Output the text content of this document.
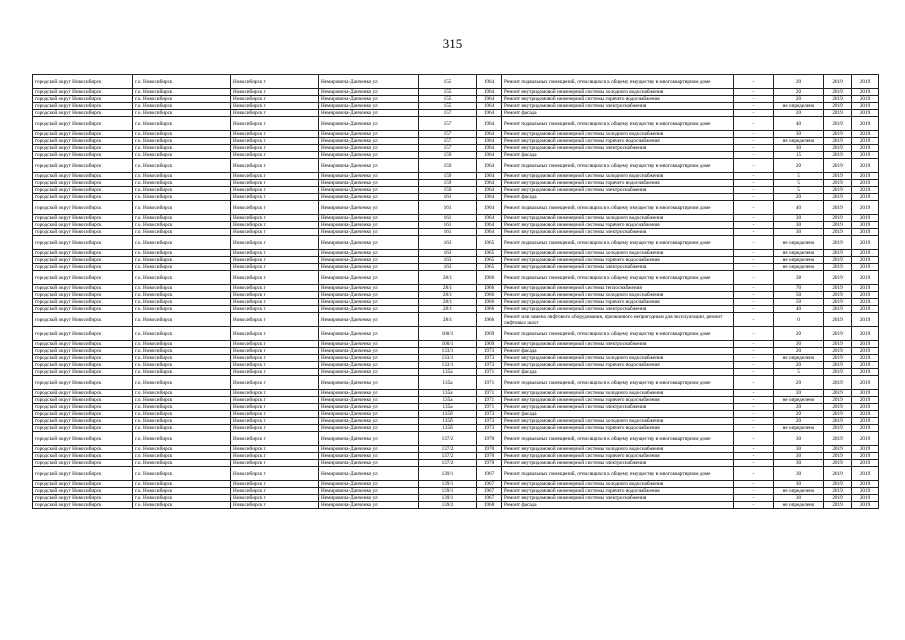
315
городской округ Новосибирск	г.о. Новосибирск	Новосибирск г	Немировича-Данченко ул	155	1964	Ремонт подвальных помещений, относящихся к общему имуществу в многоквартирном доме	-	20	2019	2019
городской округ Новосибирск	г.о. Новосибирск	Новосибирск г	Немировича-Данченко ул	155	1964	Ремонт внутридомовой инженерной системы холодного водоснабжения	-	20	2019	2019
городской округ Новосибирск	г.о. Новосибирск	Новосибирск г	Немировича-Данченко ул	155	1964	Ремонт внутридомовой инженерной системы горячего водоснабжения	-	20	2019	2019
городской округ Новосибирск	г.о. Новосибирск	Новосибирск г	Немировича-Данченко ул	155	1964	Ремонт внутридомовой инженерной системы электроснабжения	-	не определено	2019	2019
городской округ Новосибирск	г.о. Новосибирск	Новосибирск г	Немировича-Данченко ул	157	1964	Ремонт фасада	-	20	2019	2019
городской округ Новосибирск	г.о. Новосибирск	Новосибирск г	Немировича-Данченко ул	157	1964	Ремонт подвальных помещений, относящихся к общему имуществу в многоквартирном доме	-	40	2019	2019
городской округ Новосибирск	г.о. Новосибирск	Новосибирск г	Немировича-Данченко ул	157	1964	Ремонт внутридомовой инженерной системы холодного водоснабжения	-	30	2019	2019
городской округ Новосибирск	г.о. Новосибирск	Новосибирск г	Немировича-Данченко ул	157	1964	Ремонт внутридомовой инженерной системы горячего водоснабжения	-	не определено	2019	2019
городской округ Новосибирск	г.о. Новосибирск	Новосибирск г	Немировича-Данченко ул	157	1964	Ремонт внутридомовой инженерной системы электроснабжения	-	30	2019	2019
городской округ Новосибирск	г.о. Новосибирск	Новосибирск г	Немировича-Данченко ул	159	1964	Ремонт фасада	-	15	2019	2019
городской округ Новосибирск	г.о. Новосибирск	Новосибирск г	Немировича-Данченко ул	159	1964	Ремонт подвальных помещений, относящихся к общему имуществу в многоквартирном доме	-	20	2019	2019
городской округ Новосибирск	г.о. Новосибирск	Новосибирск г	Немировича-Данченко ул	159	1964	Ремонт внутридомовой инженерной системы холодного водоснабжения	-	5	2019	2019
городской округ Новосибирск	г.о. Новосибирск	Новосибирск г	Немировича-Данченко ул	159	1964	Ремонт внутридомовой инженерной системы горячего водоснабжения	-	5	2019	2019
городской округ Новосибирск	г.о. Новосибирск	Новосибирск г	Немировича-Данченко ул	159	1964	Ремонт внутридомовой инженерной системы электроснабжения	-	5	2019	2019
городской округ Новосибирск	г.о. Новосибирск	Новосибирск г	Немировича-Данченко ул	161	1964	Ремонт фасада	-	20	2019	2019
городской округ Новосибирск	г.о. Новосибирск	Новосибирск г	Немировича-Данченко ул	161	1964	Ремонт подвальных помещений, относящихся к общему имуществу в многоквартирном доме	-	40	2019	2019
городской округ Новосибирск	г.о. Новосибирск	Новосибирск г	Немировича-Данченко ул	161	1964	Ремонт внутридомовой инженерной системы холодного водоснабжения	-	30	2019	2019
городской округ Новосибирск	г.о. Новосибирск	Новосибирск г	Немировича-Данченко ул	161	1964	Ремонт внутридомовой инженерной системы горячего водоснабжения	-	30	2019	2019
городской округ Новосибирск	г.о. Новосибирск	Новосибирск г	Немировича-Данченко ул	161	1964	Ремонт внутридомовой инженерной системы электроснабжения	-	30	2019	2019
городской округ Новосибирск	г.о. Новосибирск	Новосибирск г	Немировича-Данченко ул	163	1965	Ремонт подвальных помещений, относящихся к общему имуществу в многоквартирном доме	-	не определено	2019	2019
городской округ Новосибирск	г.о. Новосибирск	Новосибирск г	Немировича-Данченко ул	163	1965	Ремонт внутридомовой инженерной системы холодного водоснабжения	-	не определено	2019	2019
городской округ Новосибирск	г.о. Новосибирск	Новосибирск г	Немировича-Данченко ул	163	1965	Ремонт внутридомовой инженерной системы горячего водоснабжения	-	не определено	2019	2019
городской округ Новосибирск	г.о. Новосибирск	Новосибирск г	Немировича-Данченко ул	163	1965	Ремонт внутридомовой инженерной системы электроснабжения	-	не определено	2019	2019
городской округ Новосибирск	г.о. Новосибирск	Новосибирск г	Немировича-Данченко ул	28/1	1966	Ремонт подвальных помещений, относящихся к общему имуществу в многоквартирном доме	-	38	2019	2019
городской округ Новосибирск	г.о. Новосибирск	Новосибирск г	Немировича-Данченко ул	28/1	1966	Ремонт внутридомовой инженерной системы теплоснабжения	-	70	2019	2019
городской округ Новосибирск	г.о. Новосибирск	Новосибирск г	Немировича-Данченко ул	28/1	1966	Ремонт внутридомовой инженерной системы холодного водоснабжения	-	50	2019	2019
городской округ Новосибирск	г.о. Новосибирск	Новосибирск г	Немировича-Данченко ул	28/1	1966	Ремонт внутридомовой инженерной системы горячего водоснабжения	-	50	2019	2019
городской округ Новосибирск	г.о. Новосибирск	Новосибирск г	Немировича-Данченко ул	28/1	1966	Ремонт внутридомовой инженерной системы электроснабжения	-	40	2019	2019
городской округ Новосибирск	г.о. Новосибирск	Новосибирск г	Немировича-Данченко ул	28/1	1966	Ремонт или замена лифтового оборудования, признанного непригодным для эксплуатации, ремонт лифтовых шахт	-	0	2019	2019
городской округ Новосибирск	г.о. Новосибирск	Новосибирск г	Немировича-Данченко ул	100/1	1969	Ремонт подвальных помещений, относящихся к общему имуществу в многоквартирном доме	-	20	2019	2019
городской округ Новосибирск	г.о. Новосибирск	Новосибирск г	Немировича-Данченко ул	100/1	1969	Ремонт внутридомовой инженерной системы электроснабжения	-	30	2019	2019
городской округ Новосибирск	г.о. Новосибирск	Новосибирск г	Немировича-Данченко ул	133/1	1973	Ремонт фасада	-	20	2019	2019
городской округ Новосибирск	г.о. Новосибирск	Новосибирск г	Немировича-Данченко ул	133/1	1973	Ремонт внутридомовой инженерной системы холодного водоснабжения	-	не определено	2019	2019
городской округ Новосибирск	г.о. Новосибирск	Новосибирск г	Немировича-Данченко ул	133/1	1973	Ремонт внутридомовой инженерной системы горячего водоснабжения	-	20	2019	2019
городской округ Новосибирск	г.о. Новосибирск	Новосибирск г	Немировича-Данченко ул	135а	1971	Ремонт фасада	-	5	2019	2019
городской округ Новосибирск	г.о. Новосибирск	Новосибирск г	Немировича-Данченко ул	135а	1971	Ремонт подвальных помещений, относящихся к общему имуществу в многоквартирном доме	-	20	2019	2019
городской округ Новосибирск	г.о. Новосибирск	Новосибирск г	Немировича-Данченко ул	135а	1971	Ремонт внутридомовой инженерной системы холодного водоснабжения	-	20	2019	2019
городской округ Новосибирск	г.о. Новосибирск	Новосибирск г	Немировича-Данченко ул	135а	1971	Ремонт внутридомовой инженерной системы горячего водоснабжения	-	не определено	2019	2019
городской округ Новосибирск	г.о. Новосибирск	Новосибирск г	Немировича-Данченко ул	135а	1971	Ремонт внутридомовой инженерной системы электроснабжения	-	20	2019	2019
городской округ Новосибирск	г.о. Новосибирск	Новосибирск г	Немировича-Данченко ул	135б	1973	Ремонт фасада	-	20	2019	2019
городской округ Новосибирск	г.о. Новосибирск	Новосибирск г	Немировича-Данченко ул	135б	1973	Ремонт внутридомовой инженерной системы холодного водоснабжения	-	20	2019	2019
городской округ Новосибирск	г.о. Новосибирск	Новосибирск г	Немировича-Данченко ул	135б	1973	Ремонт внутридомовой инженерной системы горячего водоснабжения	-	не определено	2019	2019
городской округ Новосибирск	г.о. Новосибирск	Новосибирск г	Немировича-Данченко ул	137/2	1970	Ремонт подвальных помещений, относящихся к общему имуществу в многоквартирном доме	-	30	2019	2019
городской округ Новосибирск	г.о. Новосибирск	Новосибирск г	Немировича-Данченко ул	137/2	1970	Ремонт внутридомовой инженерной системы холодного водоснабжения	-	30	2019	2019
городской округ Новосибирск	г.о. Новосибирск	Новосибирск г	Немировича-Данченко ул	137/2	1970	Ремонт внутридомовой инженерной системы горячего водоснабжения	-	30	2019	2019
городской округ Новосибирск	г.о. Новосибирск	Новосибирск г	Немировича-Данченко ул	137/2	1970	Ремонт внутридомовой инженерной системы электроснабжения	-	30	2019	2019
городской округ Новосибирск	г.о. Новосибирск	Новосибирск г	Немировича-Данченко ул	139/1	1967	Ремонт подвальных помещений, относящихся к общему имуществу в многоквартирном доме	-	30	2019	2019
городской округ Новосибирск	г.о. Новосибирск	Новосибирск г	Немировича-Данченко ул	139/1	1967	Ремонт внутридомовой инженерной системы холодного водоснабжения	-	30	2019	2019
городской округ Новосибирск	г.о. Новосибирск	Новосибирск г	Немировича-Данченко ул	139/1	1967	Ремонт внутридомовой инженерной системы горячего водоснабжения	-	не определено	2019	2019
городской округ Новосибирск	г.о. Новосибирск	Новосибирск г	Немировича-Данченко ул	139/1	1967	Ремонт внутридомовой инженерной системы электроснабжения	-	30	2019	2019
городской округ Новосибирск	г.о. Новосибирск	Новосибирск г	Немировича-Данченко ул	139/2	1968	Ремонт фасада	-	не определено	2019	2019
